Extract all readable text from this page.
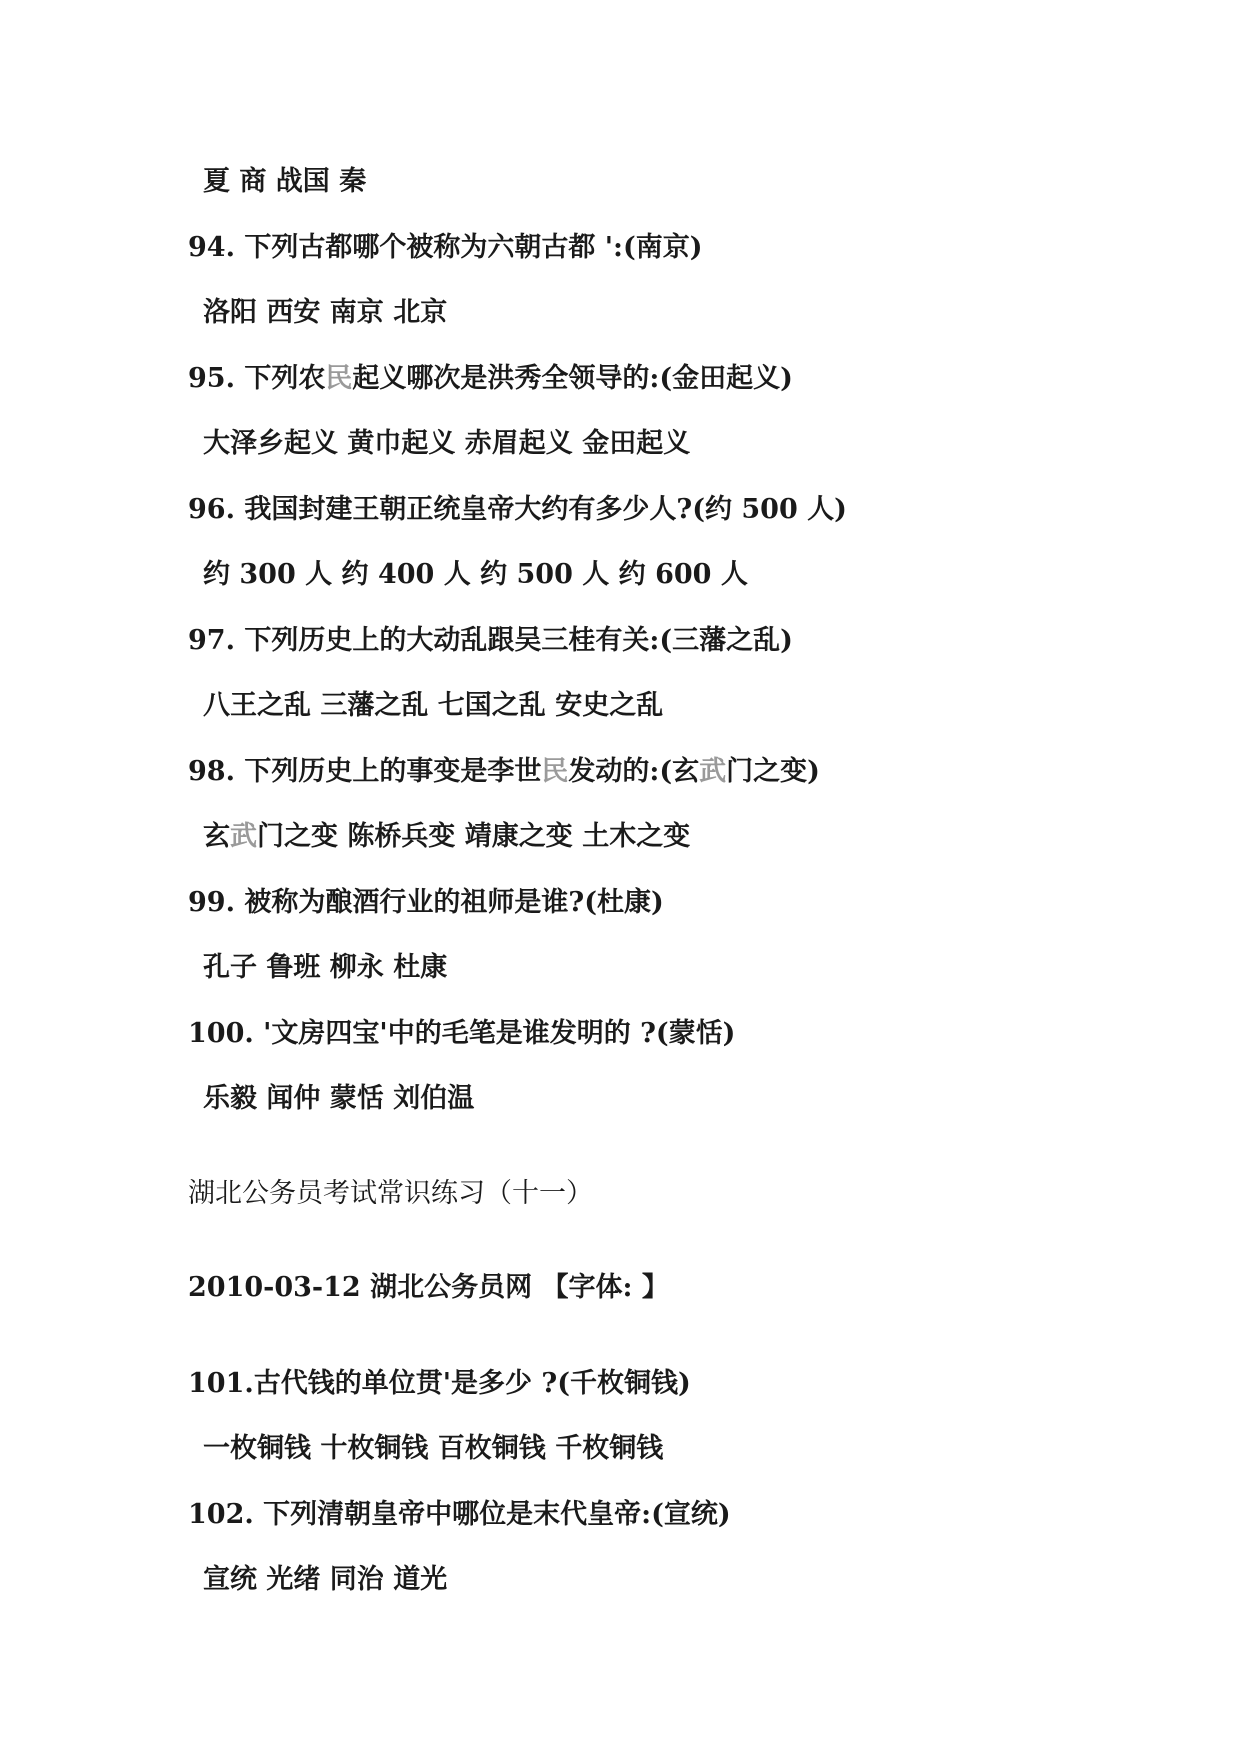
夏 商 战国 秦
94. 下列古都哪个被称为六朝古都 ':(南京)
洛阳 西安 南京 北京
95. 下列农民起义哪次是洪秀全领导的:(金田起义)
大泽乡起义 黄巾起义 赤眉起义 金田起义
96. 我国封建王朝正统皇帝大约有多少人?(约 500 人)
约 300 人 约 400 人 约 500 人 约 600 人
97. 下列历史上的大动乱跟吴三桂有关:(三藩之乱)
八王之乱 三藩之乱 七国之乱 安史之乱
98. 下列历史上的事变是李世民发动的:(玄武门之变)
玄武门之变 陈桥兵变 靖康之变 土木之变
99. 被称为酿酒行业的祖师是谁?(杜康)
孔子 鲁班 柳永 杜康
100. '文房四宝'中的毛笔是谁发明的 ?(蒙恬)
乐毅 闻仲 蒙恬 刘伯温
湖北公务员考试常识练习（十一）
2010-03-12 湖北公务员网 【字体: 】
101.古代钱的单位贯'是多少 ?(千枚铜钱)
一枚铜钱 十枚铜钱 百枚铜钱 千枚铜钱
102. 下列清朝皇帝中哪位是末代皇帝:(宣统)
宣统 光绪 同治 道光
